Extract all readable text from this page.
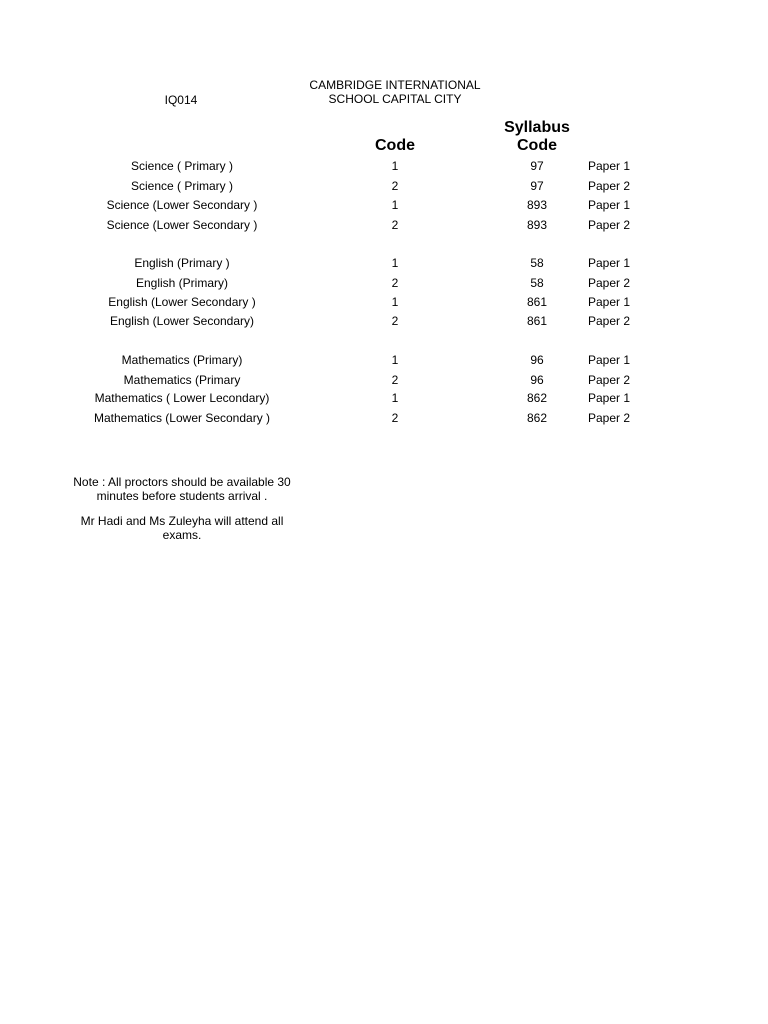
IQ014
CAMBRIDGE INTERNATIONAL
SCHOOL CAPITAL CITY
Code
Syllabus
Code
Science ( Primary )	1	97	Paper 1
Science ( Primary )	2	97	Paper 2
Science (Lower Secondary )	1	893	Paper 1
Science (Lower Secondary )	2	893	Paper 2
English (Primary )	1	58	Paper 1
English (Primary)	2	58	Paper 2
English (Lower Secondary )	1	861	Paper 1
English (Lower Secondary)	2	861	Paper 2
Mathematics (Primary)	1	96	Paper 1
Mathematics (Primary	2	96	Paper 2
Mathematics ( Lower Lecondary)	1	862	Paper 1
Mathematics (Lower Secondary )	2	862	Paper 2
Note : All proctors should be available 30
minutes before students arrival .
Mr Hadi and Ms Zuleyha will attend all
exams.
